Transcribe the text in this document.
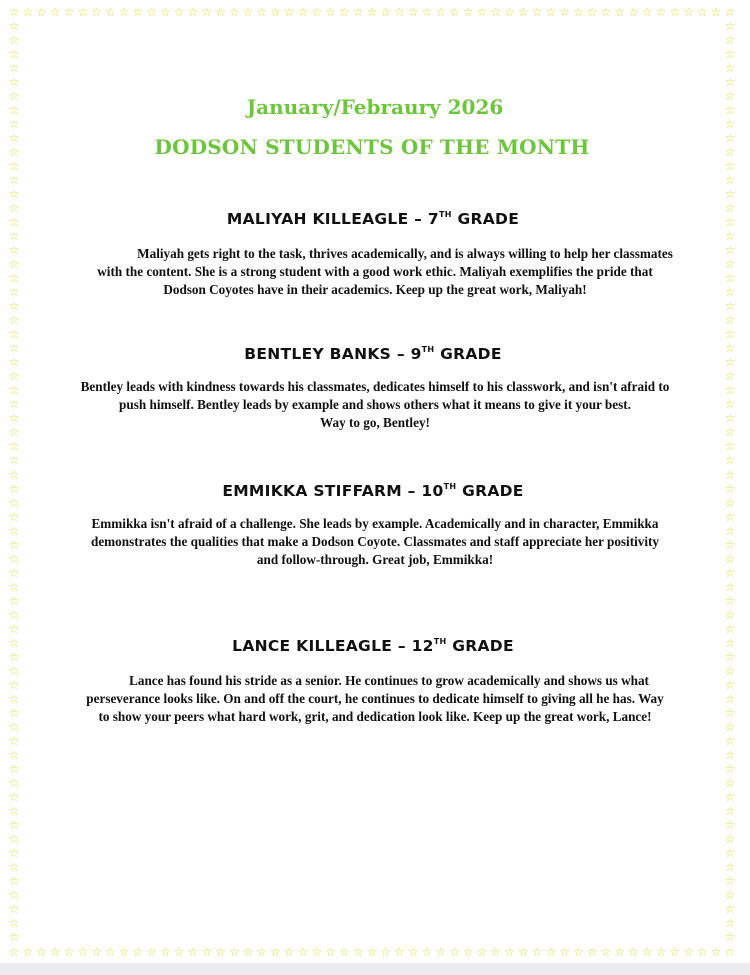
☆ ☆ ☆ ☆ ☆ ☆ ☆ ☆ ☆ ☆ ☆ ☆ ☆ ☆ ☆ ☆ ☆ ☆ ☆ ☆ ☆ ☆ ☆ ☆ ☆ ☆ ☆ ☆ ☆ ☆ ☆ ☆ ☆ ☆ ☆ ☆ ☆ ☆ ☆ ☆ ☆ ☆ ☆ ☆ ☆ ☆ ☆ ☆ ☆ ☆ ☆ ☆ ☆
☆ ☆ ☆ ☆ ☆ ☆ ☆ ☆ ☆ ☆ ☆ ☆ ☆ ☆ ☆ ☆ ☆ ☆ ☆ ☆ ☆ ☆ ☆ ☆ ☆ ☆ ☆ ☆ ☆ ☆ ☆ ☆ ☆ ☆ ☆ ☆ ☆ ☆ ☆ ☆ ☆ ☆ ☆ ☆ ☆ ☆ ☆ ☆ ☆ ☆ ☆ ☆ ☆
☆
☆
☆
☆
☆
☆
☆
☆
☆
☆
☆
☆
☆
☆
☆
☆
☆
☆
☆
☆
☆
☆
☆
☆
☆
☆
☆
☆
☆
☆
☆
☆
☆
☆
☆
☆
☆
☆
☆
☆
☆
☆
☆
☆
☆
☆
☆
☆
☆
☆
☆
☆
☆
☆
☆
☆
☆
☆
☆
☆
☆
☆
☆
☆
☆
☆
☆
☆
☆
☆
☆
☆
☆
☆
☆
☆
☆
☆
☆
☆
☆
☆
☆
☆
☆
☆
☆
☆
☆
☆
☆
☆
☆
☆
☆
☆
☆
☆
☆
☆
☆
☆
☆
☆
☆
☆
☆
☆
☆
☆
☆
☆
☆
☆
☆
☆
☆
☆
☆
☆
☆
☆
☆
☆
☆
☆
☆
☆
☆
☆
☆
☆
January/Febraury 2026
DODSON STUDENTS OF THE MONTH
MALIYAH KILLEAGLE – 7TH GRADE
Maliyah gets right to the task, thrives academically, and is always willing to help her classmates
with the content. She is a strong student with a good work ethic. Maliyah exemplifies the pride that
Dodson Coyotes have in their academics. Keep up the great work, Maliyah!
BENTLEY BANKS – 9TH GRADE
Bentley leads with kindness towards his classmates, dedicates himself to his classwork, and isn't afraid to
push himself. Bentley leads by example and shows others what it means to give it your best.
Way to go, Bentley!
EMMIKKA STIFFARM – 10TH GRADE
Emmikka isn't afraid of a challenge. She leads by example. Academically and in character, Emmikka
demonstrates the qualities that make a Dodson Coyote. Classmates and staff appreciate her positivity
and follow-through. Great job, Emmikka!
LANCE KILLEAGLE – 12TH GRADE
Lance has found his stride as a senior. He continues to grow academically and shows us what
perseverance looks like. On and off the court, he continues to dedicate himself to giving all he has. Way
to show your peers what hard work, grit, and dedication look like. Keep up the great work, Lance!
